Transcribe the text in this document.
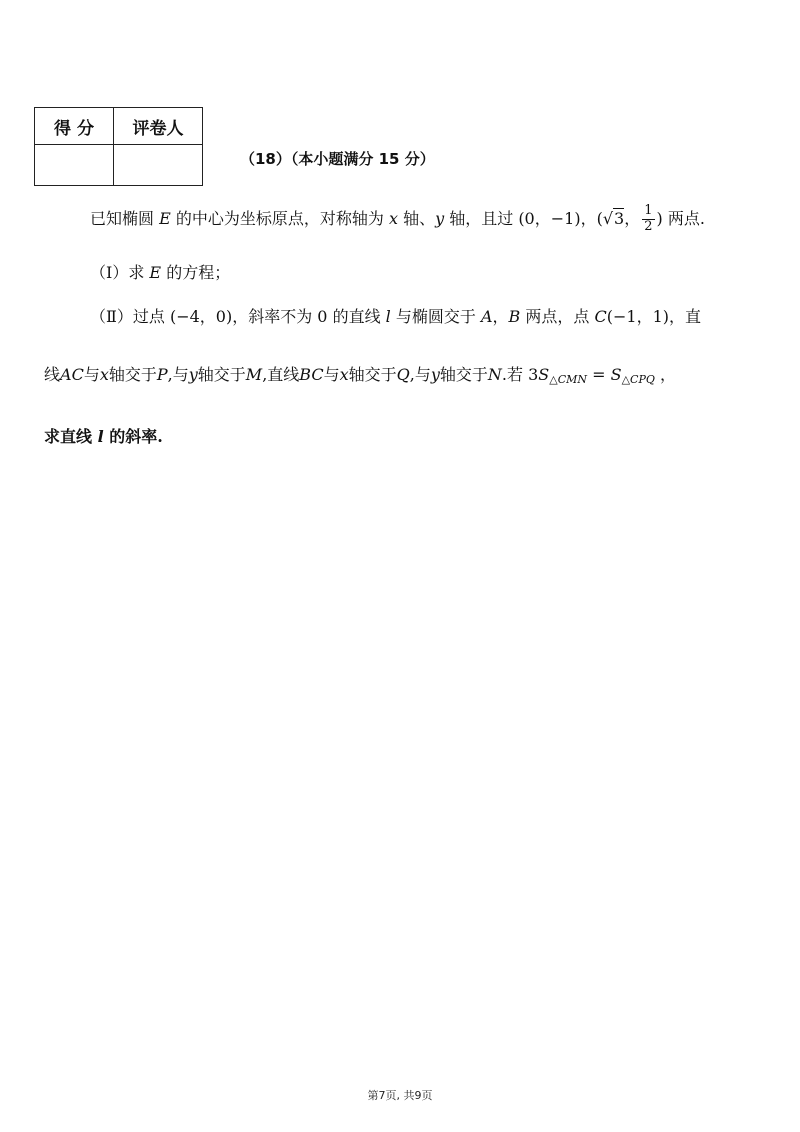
得 分	评卷人

（18）（本小题满分 15 分）
已知椭圆 E 的中心为坐标原点，对称轴为 x 轴、y 轴，且过 (0，−1)，(√3， $\frac{1}{2}$ ) 两点.
（Ⅰ）求 E 的方程；
（Ⅱ）过点 (−4，0)，斜率不为 0 的直线 l 与椭圆交于 A，B 两点，点 C(−1，1)，直
线AC与x轴交于P,与y轴交于M,直线BC与x轴交于Q,与y轴交于N.若 $3S_{\triangle CMN} = S_{\triangle CPQ}$ ，
求直线 l 的斜率.
第7页, 共9页
